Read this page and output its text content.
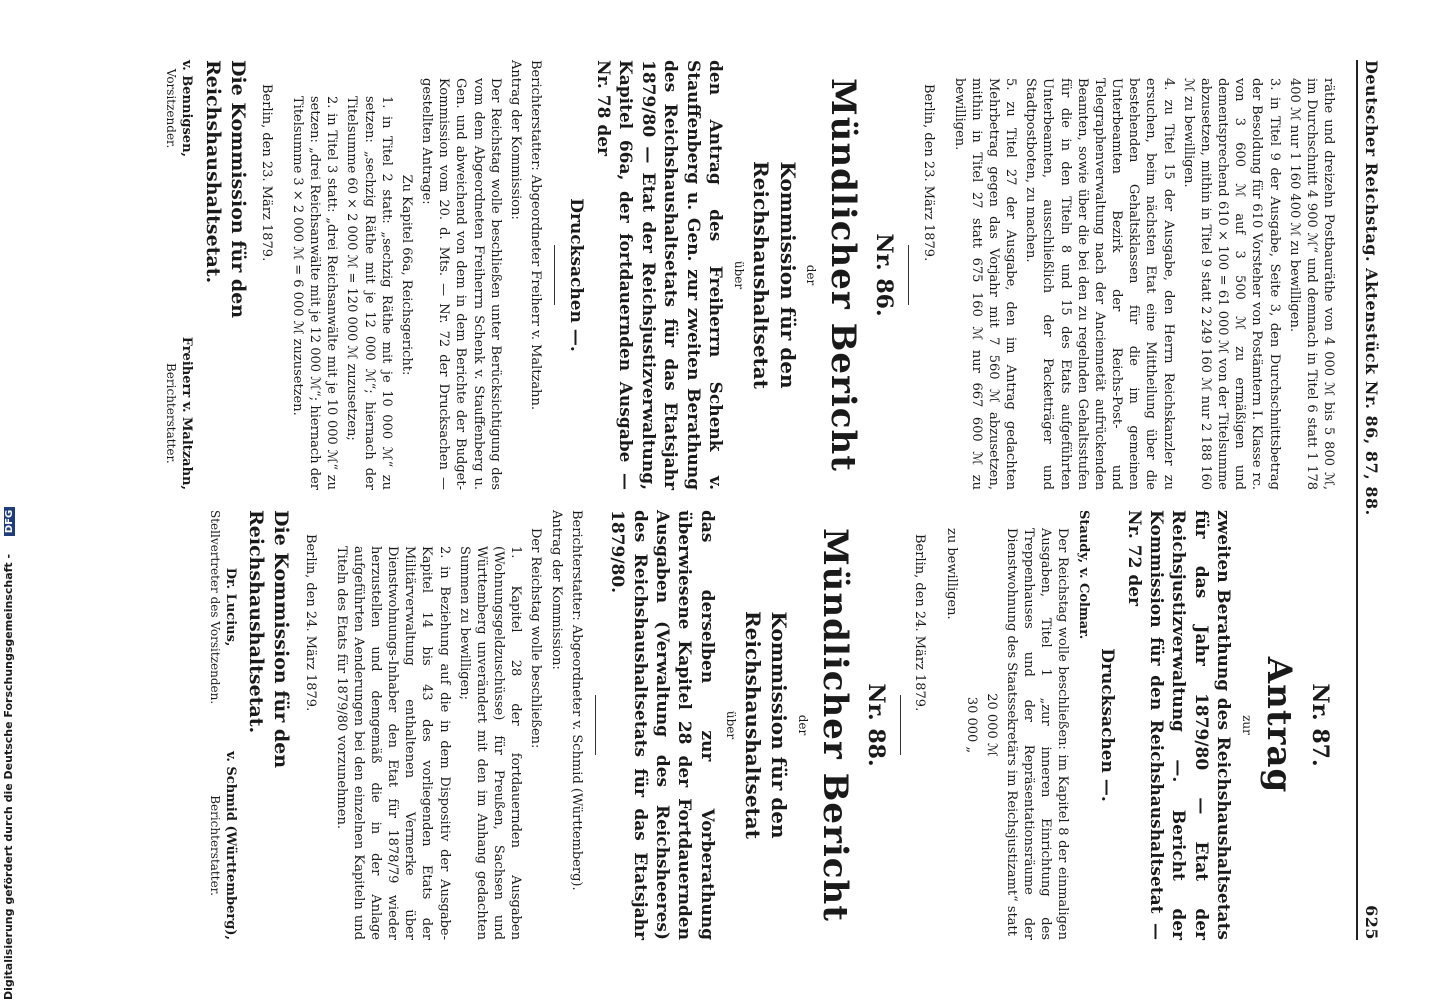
Deutscher Reichstag. Aktenstück Nr. 86, 87, 88.
625
räthe und dreizehn Postbauräthe von 4 000 ℳ bis 5 800 ℳ, im Durchschnitt 4 900 ℳ“ und demnach in Titel 6 statt 1 178 400 ℳ nur 1 160 400 ℳ zu bewilligen.
3. in Titel 9 der Ausgabe, Seite 3, den Durchschnittsbetrag der Besoldung für 610 Vorsteher von Postämtern I. Klasse rc. von 3 600 ℳ auf 3 500 ℳ zu ermäßigen und dementsprechend 610 × 100 = 61 000 ℳ von der Titelsumme abzusetzen, mithin in Titel 9 statt 2 249 160 ℳ nur 2 188 160 ℳ zu bewilligen.
4. zu Titel 15 der Ausgabe, den Herrn Reichskanzler zu ersuchen, beim nächsten Etat eine Mittheilung über die bestehenden Gehaltsklassen für die im gemeinen Unterbeamten Bezirk der Reichs-Post- und Telegraphenverwaltung nach der Anciennetät aufrückenden Beamten, sowie über die bei den zu regelnden Gehaltsstufen für die in den Titeln 8 und 15 des Etats aufgeführten Unterbeamten, ausschließlich der Packetträger und Stadtpostboten, zu machen.
5. zu Titel 27 der Ausgabe, den im Antrag gedachten Mehrbetrag gegen das Vorjahr mit 7 560 ℳ abzusetzen, mithin in Titel 27 statt 675 160 ℳ nur 667 600 ℳ zu bewilligen.
Berlin, den 23. März 1879.
Nr. 86.
Mündlicher Bericht
der
Kommission für den Reichshaushaltsetat
über
den Antrag des Freiherrn Schenk v. Stauffenberg u. Gen. zur zweiten Berathung des Reichshaushaltsetats für das Etatsjahr 1879/80 — Etat der Reichsjustizverwaltung, Kapitel 66a, der fortdauernden Ausgabe — Nr. 78 der
Drucksachen —.
Berichterstatter: Abgeordneter Freiherr v. Maltzahn.
Antrag der Kommission:
Der Reichstag wolle beschließen unter Berücksichtigung des vom dem Abgeordneten Freiherrn Schenk v. Stauffenberg u. Gen. und abweichend von dem in dem Berichte der Budget-Kommission vom 20. d. Mts. — Nr. 72 der Drucksachen — gestellten Antrage:
Zu Kapitel 66a, Reichsgericht:
1. in Titel 2 statt: „sechzig Räthe mit je 10 000 ℳ“ zu setzen: „sechzig Räthe mit je 12 000 ℳ“; hiernach der Titelsumme 60 × 2 000 ℳ = 120 000 ℳ zuzusetzen;
2. in Titel 3 statt: „drei Reichsanwälte mit je 10 000 ℳ“ zu setzen: „drei Reichsanwälte mit je 12 000 ℳ“; hiernach der Titelsumme 3 × 2 000 ℳ = 6 000 ℳ zuzusetzen.
Berlin, den 23. März 1879.
Die Kommission für den Reichshaushaltsetat.
v. Bennigsen,
Vorsitzender.
Freiherr v. Maltzahn,
Berichterstatter.
Nr. 87.
Antrag
zur
zweiten Berathung des Reichshaushaltsetats für das Jahr 1879/80 — Etat der Reichsjustizverwaltung —. Bericht der Kommission für den Reichshaushaltsetat — Nr. 72 der
Drucksachen —.
Staudy, v. Colmar.
Der Reichstag wolle beschließen: im Kapitel 8 der einmaligen Ausgaben, Titel 1 „zur inneren Einrichtung des Treppenhauses und der Repräsentationsräume der Dienstwohnung des Staatssekretärs im Reichsjustizamt“ statt
20 000 ℳ
30 000 „
zu bewilligen.
Berlin, den 24. März 1879.
Nr. 88.
Mündlicher Bericht
der
Kommission für den Reichshaushaltsetat
über
das derselben zur Vorberathung überwiesene Kapitel 28 der Fortdauernden Ausgaben (Verwaltung des Reichsheeres) des Reichshaushaltsetats für das Etatsjahr 1879/80.
Berichterstatter: Abgeordneter v. Schmid (Württemberg).
Antrag der Kommission:
Der Reichstag wolle beschließen:
1. Kapitel 28 der fortdauernden Ausgaben (Wohnungsgeldzuschüsse) für Preußen, Sachsen und Württemberg unverändert mit den im Anhang gedachten Summen zu bewilligen;
2. in Beziehung auf die in dem Dispositiv der Ausgabe-Kapitel 14 bis 43 des vorliegenden Etats der Militärverwaltung enthaltenen Vermerke über Dienstwohnungs-Inhaber den Etat für 1878/79 wieder herzustellen und demgemäß die in der Anlage aufgeführten Aenderungen bei den einzelnen Kapiteln und Titeln des Etats für 1879/80 vorzunehmen.
Berlin, den 24. März 1879.
Die Kommission für den Reichshaushaltsetat.
Dr. Lucius,
Stellvertreter des Vorsitzenden.
v. Schmid (Württemberg),
Berichterstatter.
Digitalisierung gefördert durch die Deutsche Forschungsgemeinschaft - DFG
